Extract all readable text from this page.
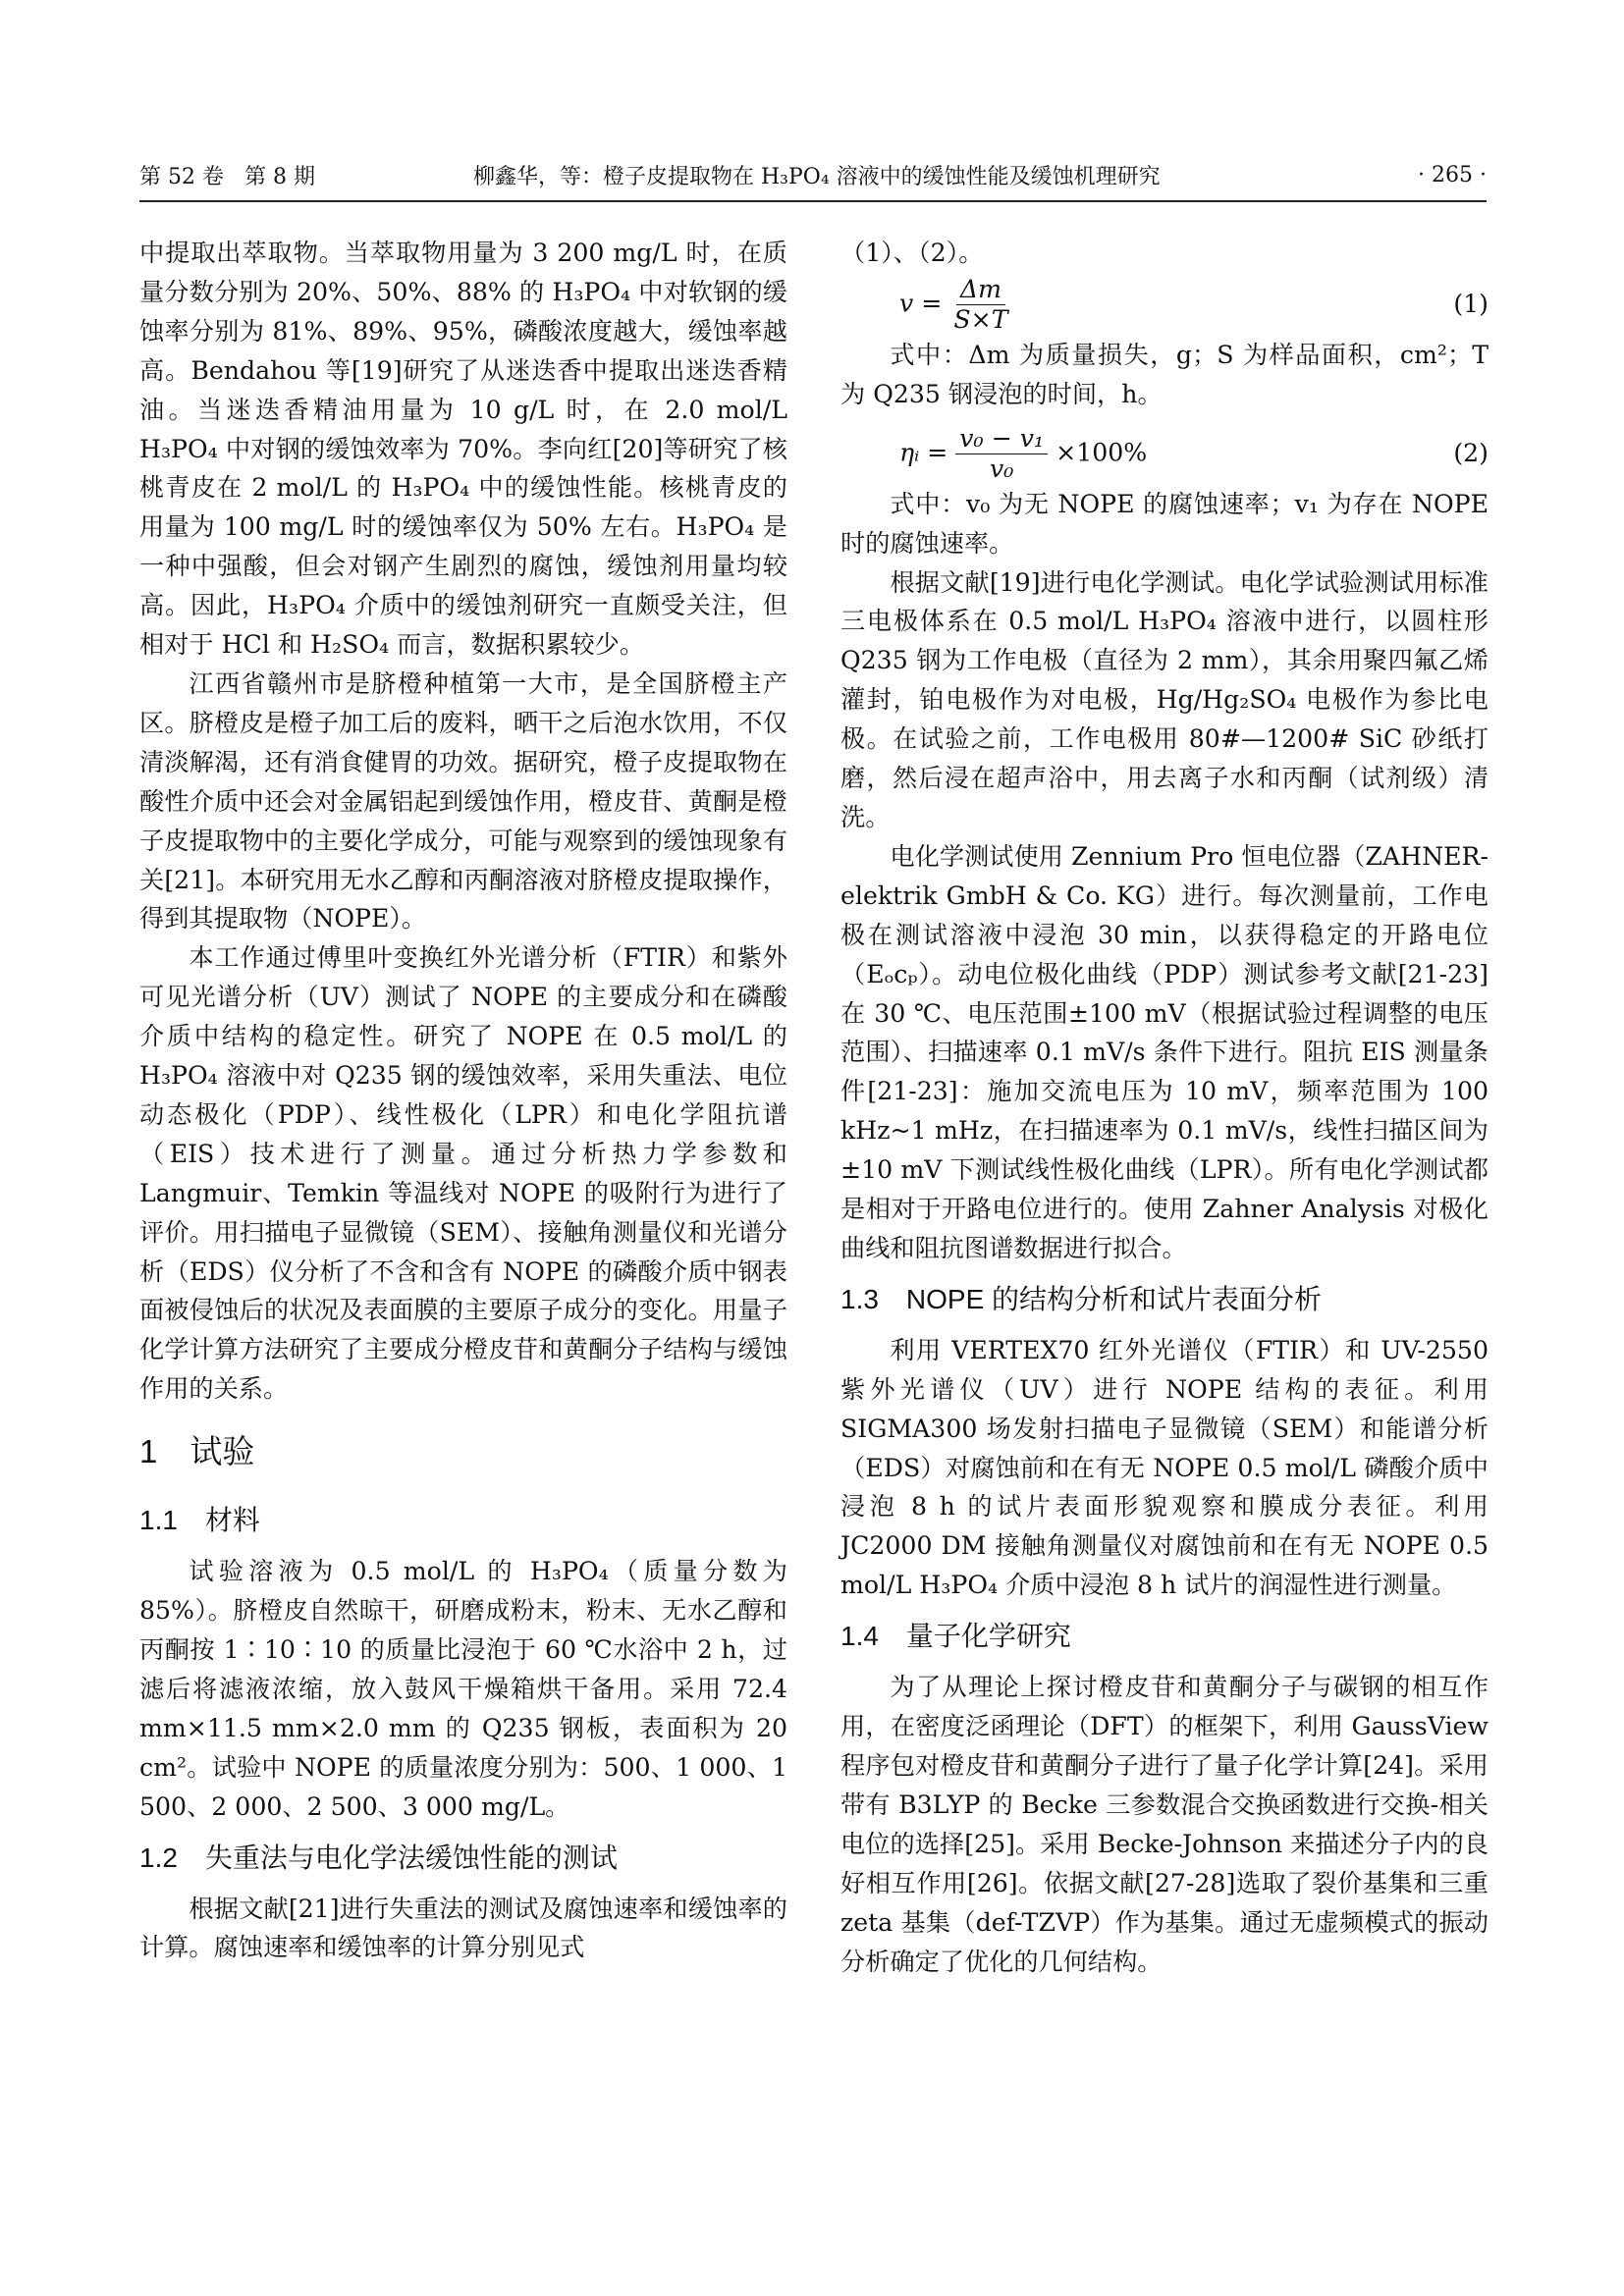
第 52 卷 第 8 期	柳鑫华，等：橙子皮提取物在 H₃PO₄ 溶液中的缓蚀性能及缓蚀机理研究	· 265 ·

中提取出萃取物。当萃取物用量为 3 200 mg/L 时，在质量分数分别为 20%、50%、88% 的 H₃PO₄ 中对软钢的缓蚀率分别为 81%、89%、95%，磷酸浓度越大，缓蚀率越高。Bendahou 等[19]研究了从迷迭香中提取出迷迭香精油。当迷迭香精油用量为 10 g/L 时，在 2.0 mol/L H₃PO₄ 中对钢的缓蚀效率为 70%。李向红[20]等研究了核桃青皮在 2 mol/L 的 H₃PO₄ 中的缓蚀性能。核桃青皮的用量为 100 mg/L 时的缓蚀率仅为 50% 左右。H₃PO₄ 是一种中强酸，但会对钢产生剧烈的腐蚀，缓蚀剂用量均较高。因此，H₃PO₄ 介质中的缓蚀剂研究一直颇受关注，但相对于 HCl 和 H₂SO₄ 而言，数据积累较少。

江西省赣州市是脐橙种植第一大市，是全国脐橙主产区。脐橙皮是橙子加工后的废料，晒干之后泡水饮用，不仅清淡解渴，还有消食健胃的功效。据研究，橙子皮提取物在酸性介质中还会对金属铝起到缓蚀作用，橙皮苷、黄酮是橙子皮提取物中的主要化学成分，可能与观察到的缓蚀现象有关[21]。本研究用无水乙醇和丙酮溶液对脐橙皮提取操作，得到其提取物（NOPE）。

本工作通过傅里叶变换红外光谱分析（FTIR）和紫外可见光谱分析（UV）测试了 NOPE 的主要成分和在磷酸介质中结构的稳定性。研究了 NOPE 在 0.5 mol/L 的 H₃PO₄ 溶液中对 Q235 钢的缓蚀效率，采用失重法、电位动态极化（PDP）、线性极化（LPR）和电化学阻抗谱（EIS）技术进行了测量。通过分析热力学参数和 Langmuir、Temkin 等温线对 NOPE 的吸附行为进行了评价。用扫描电子显微镜（SEM）、接触角测量仪和光谱分析（EDS）仪分析了不含和含有 NOPE 的磷酸介质中钢表面被侵蚀后的状况及表面膜的主要原子成分的变化。用量子化学计算方法研究了主要成分橙皮苷和黄酮分子结构与缓蚀作用的关系。

1　试验
1.1　材料

试验溶液为 0.5 mol/L 的 H₃PO₄（质量分数为 85%）。脐橙皮自然晾干，研磨成粉末，粉末、无水乙醇和丙酮按 1∶10∶10 的质量比浸泡于 60 ℃水浴中 2 h，过滤后将滤液浓缩，放入鼓风干燥箱烘干备用。采用 72.4 mm×11.5 mm×2.0 mm 的 Q235 钢板，表面积为 20 cm²。试验中 NOPE 的质量浓度分别为：500、1 000、1 500、2 000、2 500、3 000 mg/L。

1.2　失重法与电化学法缓蚀性能的测试

根据文献[21]进行失重法的测试及腐蚀速率和缓蚀率的计算。腐蚀速率和缓蚀率的计算分别见式

（1）、（2）。

$v = \frac{\Delta m}{S\times T}$	(1)

式中：Δm 为质量损失，g；S 为样品面积，cm²；T 为 Q235 钢浸泡的时间，h。

ηᵢ = $\frac{\text{v₀ − v₁}}{\text{v₀}} \times 100\%$	(2)

式中：v₀ 为无 NOPE 的腐蚀速率；v₁ 为存在 NOPE 时的腐蚀速率。

根据文献[19]进行电化学测试。电化学试验测试用标准三电极体系在 0.5 mol/L H₃PO₄ 溶液中进行，以圆柱形 Q235 钢为工作电极（直径为 2 mm），其余用聚四氟乙烯灌封，铂电极作为对电极，Hg/Hg₂SO₄ 电极作为参比电极。在试验之前，工作电极用 80#—1200# SiC 砂纸打磨，然后浸在超声浴中，用去离子水和丙酮（试剂级）清洗。

电化学测试使用 Zennium Pro 恒电位器（ZAHNER-elektrik GmbH & Co. KG）进行。每次测量前，工作电极在测试溶液中浸泡 30 min，以获得稳定的开路电位（Eₒcₚ）。动电位极化曲线（PDP）测试参考文献[21-23]在 30 ℃、电压范围±100 mV（根据试验过程调整的电压范围）、扫描速率 0.1 mV/s 条件下进行。阻抗 EIS 测量条件[21-23]：施加交流电压为 10 mV，频率范围为 100 kHz~1 mHz，在扫描速率为 0.1 mV/s，线性扫描区间为±10 mV 下测试线性极化曲线（LPR）。所有电化学测试都是相对于开路电位进行的。使用 Zahner Analysis 对极化曲线和阻抗图谱数据进行拟合。

1.3　NOPE 的结构分析和试片表面分析

利用 VERTEX70 红外光谱仪（FTIR）和 UV-2550 紫外光谱仪（UV）进行 NOPE 结构的表征。利用 SIGMA300 场发射扫描电子显微镜（SEM）和能谱分析（EDS）对腐蚀前和在有无 NOPE 0.5 mol/L 磷酸介质中浸泡 8 h 的试片表面形貌观察和膜成分表征。利用 JC2000 DM 接触角测量仪对腐蚀前和在有无 NOPE 0.5 mol/L H₃PO₄ 介质中浸泡 8 h 试片的润湿性进行测量。

1.4　量子化学研究

为了从理论上探讨橙皮苷和黄酮分子与碳钢的相互作用，在密度泛函理论（DFT）的框架下，利用 GaussView 程序包对橙皮苷和黄酮分子进行了量子化学计算[24]。采用带有 B3LYP 的 Becke 三参数混合交换函数进行交换-相关电位的选择[25]。采用 Becke-Johnson 来描述分子内的良好相互作用[26]。依据文献[27-28]选取了裂价基集和三重 zeta 基集（def-TZVP）作为基集。通过无虚频模式的振动分析确定了优化的几何结构。
